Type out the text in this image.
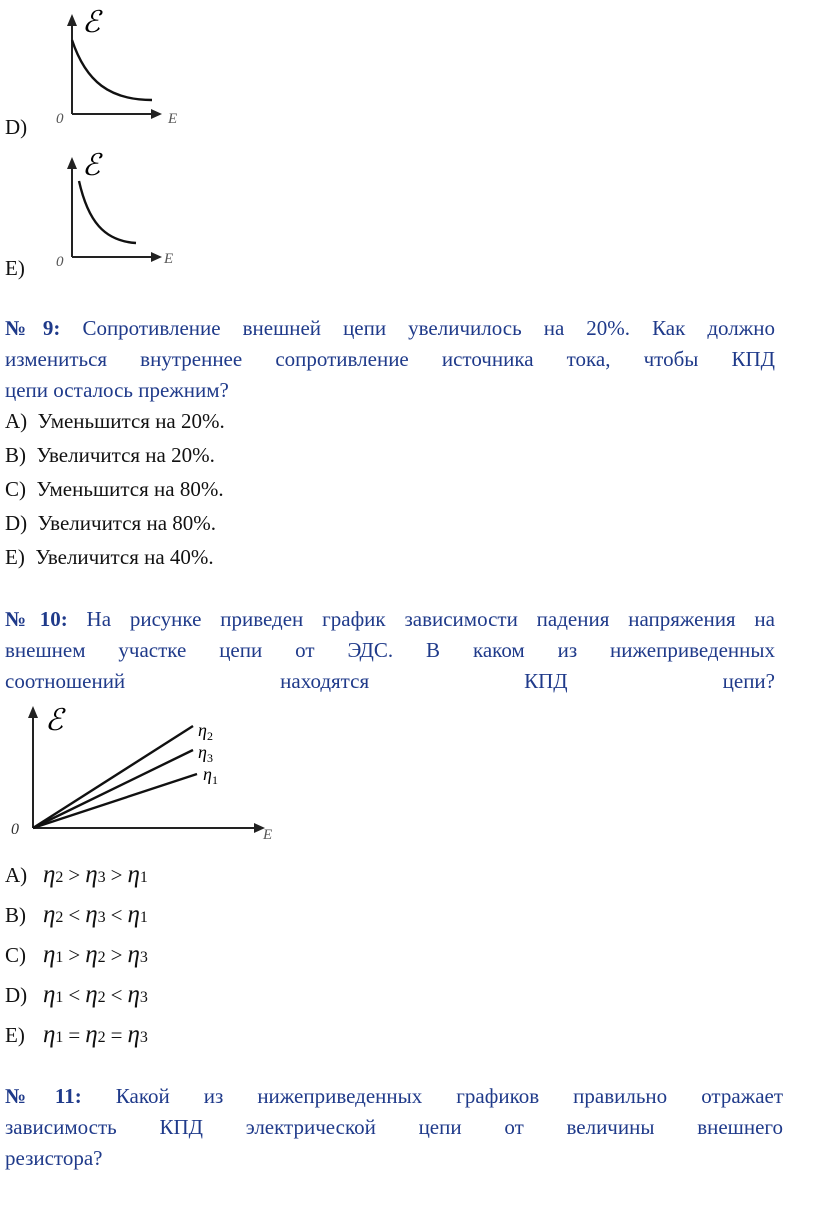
D)
ℰ
0	E
E)
ℰ
0	E
№9: Сопротивление внешней цепи увеличилось на 20%. Как должно
измениться внутреннее сопротивление источника тока, чтобы КПД
цепи осталось прежним?
A) Уменьшится на 20%.
B) Увеличится на 20%.
C) Уменьшится на 80%.
D) Увеличится на 80%.
E) Увеличится на 40%.
№10: На рисунке приведен график зависимости падения напряжения на
внешнем участке цепи от ЭДС. В каком из нижеприведенных
соотношений находятся КПД цепи?
ℰ
0	E
$\eta_2$
$\eta_3$
$\eta_1$
A) η2 > η3 > η1
B) η2 < η3 < η1
C) η1 > η2 > η3
D) η1 < η2 < η3
E) η1 = η2 = η3
№11: Какой из нижеприведенных графиков правильно отражает
зависимость КПД электрической цепи от величины внешнего
резистора?
